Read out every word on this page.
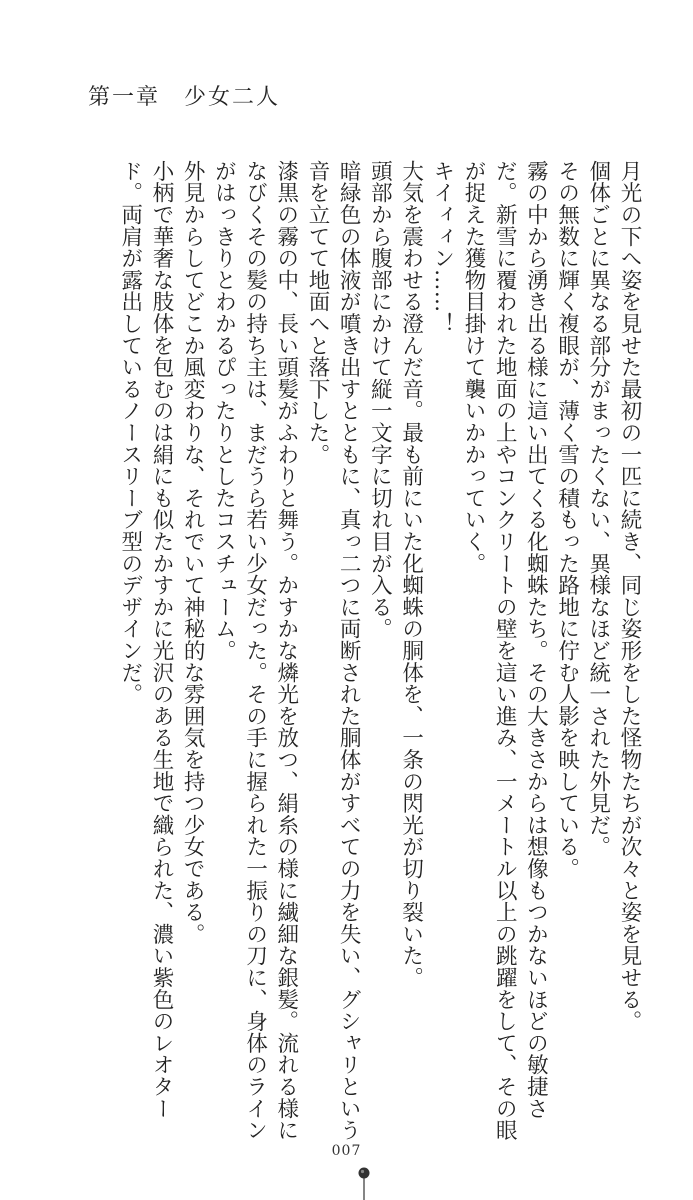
第一章　少女二人

月光の下へ姿を見せた最初の一匹に続き、同じ姿形をした怪物たちが次々と姿を見せる。

個体ごとに異なる部分がまったくない、異様なほど統一された外見だ。

その無数に輝く複眼が、薄く雪の積もった路地に佇む人影を映している。

霧の中から湧き出る様に這い出てくる化蜘蛛たち。その大きさからは想像もつかないほどの敏捷さだ。新雪に覆われた地面の上やコンクリートの壁を這い進み、一メートル以上の跳躍をして、その眼が捉えた獲物目掛けて襲いかかっていく。

キイィィン……！

大気を震わせる澄んだ音。最も前にいた化蜘蛛の胴体を、一条の閃光が切り裂いた。

頭部から腹部にかけて縦一文字に切れ目が入る。

暗緑色の体液が噴き出すとともに、真っ二つに両断された胴体がすべての力を失い、グシャリという音を立てて地面へと落下した。

漆黒の霧の中、長い頭髪がふわりと舞う。かすかな燐光を放つ、絹糸の様に繊細な銀髪。流れる様になびくその髪の持ち主は、まだうら若い少女だった。その手に握られた一振りの刀に、身体のラインがはっきりとわかるぴったりとしたコスチューム。

外見からしてどこか風変わりな、それでいて神秘的な雰囲気を持つ少女である。

小柄で華奢な肢体を包むのは絹にも似たかすかに光沢のある生地で織られた、濃い紫色のレオタード。両肩が露出しているノースリーブ型のデザインだ。

007
